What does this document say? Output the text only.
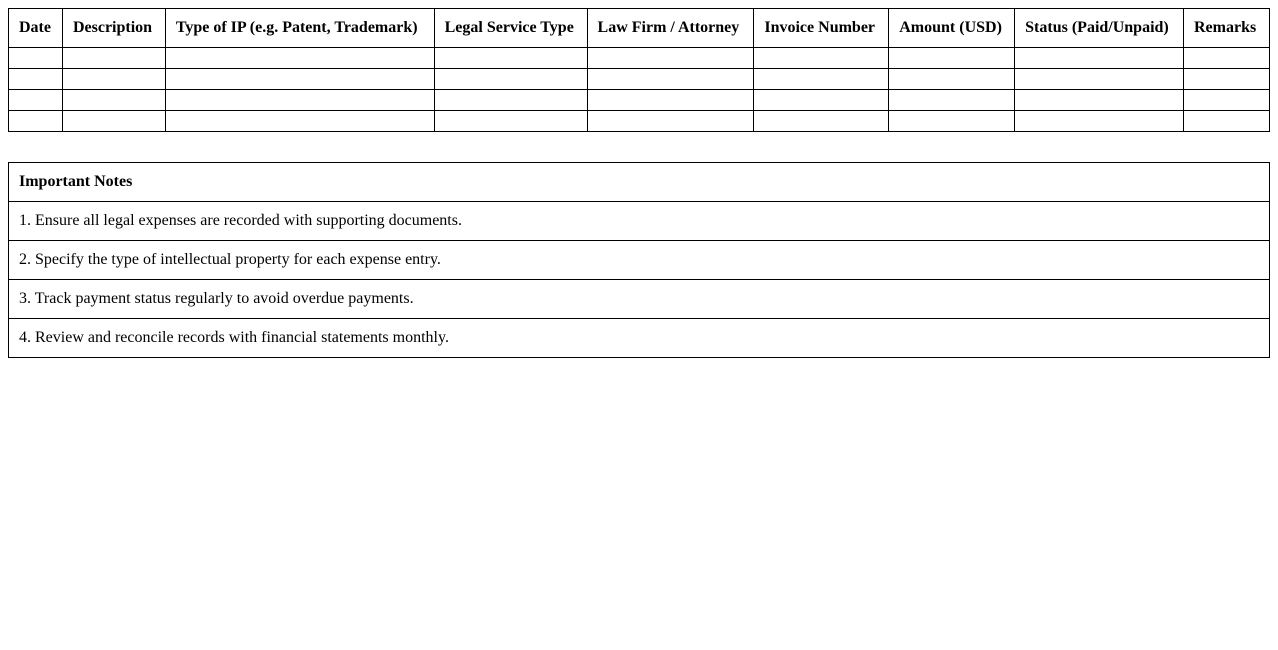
Date	Description	Type of IP (e.g. Patent, Trademark)	Legal Service Type	Law Firm / Attorney	Invoice Number	Amount (USD)	Status (Paid/Unpaid)	Remarks

Important Notes
1. Ensure all legal expenses are recorded with supporting documents.
2. Specify the type of intellectual property for each expense entry.
3. Track payment status regularly to avoid overdue payments.
4. Review and reconcile records with financial statements monthly.
